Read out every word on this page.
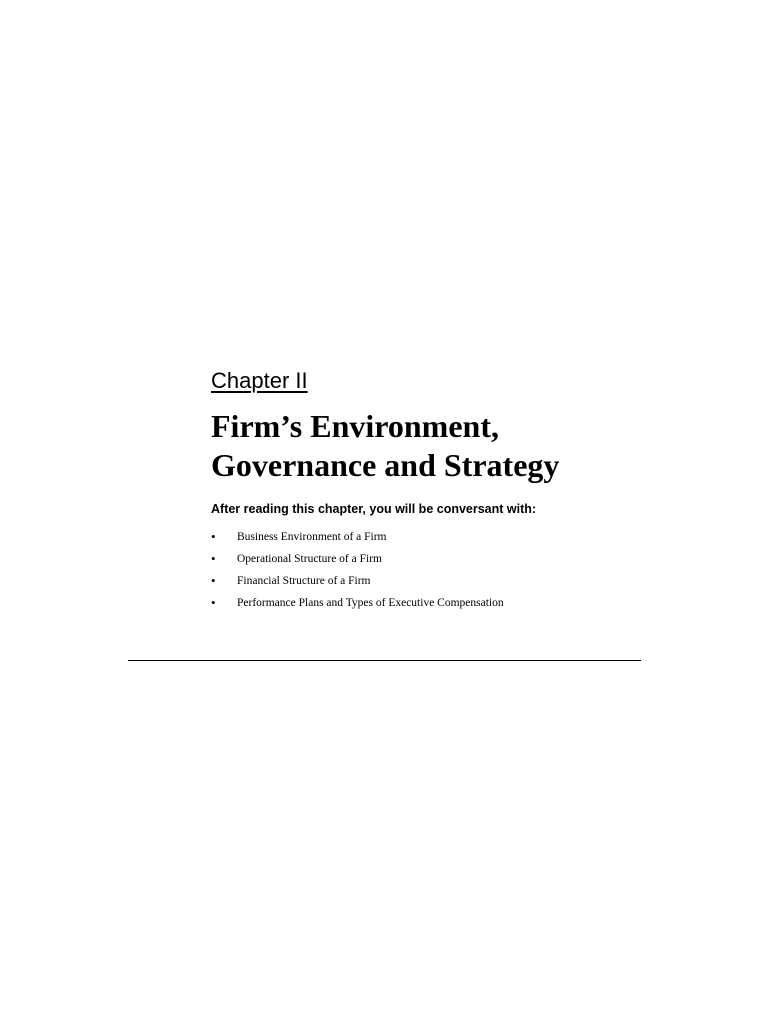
Chapter II
Firm’s Environment,
Governance and Strategy
After reading this chapter, you will be conversant with:
• Business Environment of a Firm
• Operational Structure of a Firm
• Financial Structure of a Firm
• Performance Plans and Types of Executive Compensation
